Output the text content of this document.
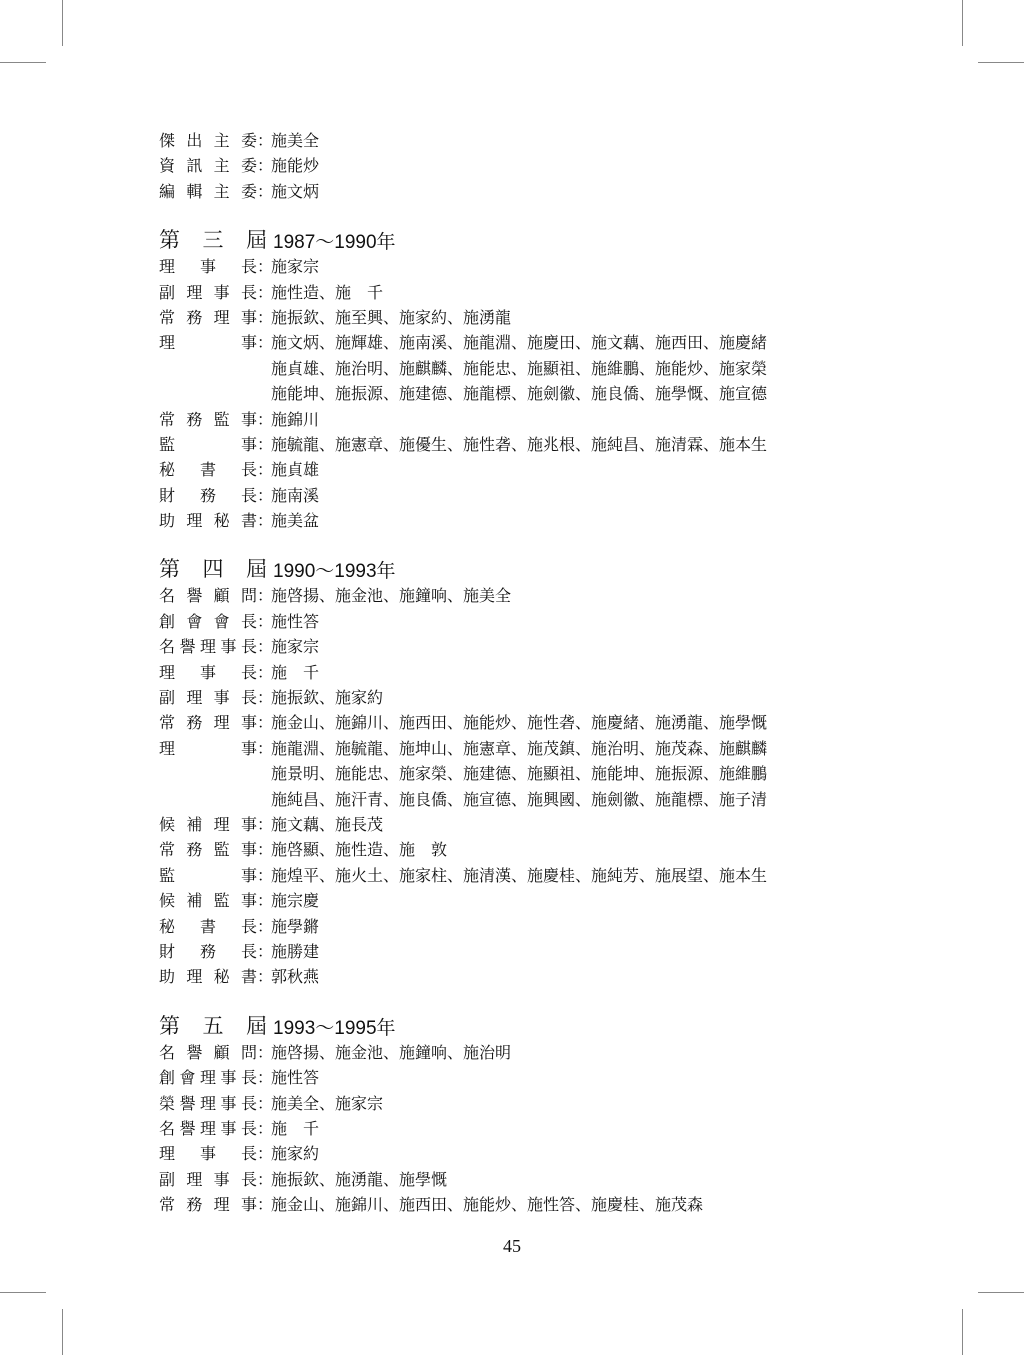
傑 出 主 委 ：
施美全
資 訊 主 委 ：
施能炒
編 輯 主 委 ：
施文炳
第 三 屆 1987～1990年
理 事 長 ：
施家宗
副 理 事 長 ：
施性造、施　千
常 務 理 事 ：
施振欽、施至興、施家約、施湧龍
理	事 ：
施文炳、施輝雄、施南溪、施龍淵、施慶田、施文藕、施西田、施慶緒
施貞雄、施治明、施麒麟、施能忠、施顯祖、施維鵬、施能炒、施家榮
施能坤、施振源、施建德、施龍標、施劍徽、施良僑、施學慨、施宣德
常 務 監 事 ：
施錦川
監	事 ：
施毓龍、施憲章、施優生、施性砻、施兆根、施純昌、施清霖、施本生
秘 書 長 ：
施貞雄
財 務 長 ：
施南溪
助 理 秘 書 ：
施美盆
第 四 屆 1990～1993年
名 譽 顧 問 ：
施啓揚、施金池、施鐘响、施美全
創 會 會 長 ：
施性答
名 譽 理 事 長 ：
施家宗
理 事 長 ：
施　千
副 理 事 長 ：
施振欽、施家約
常 務 理 事 ：
施金山、施錦川、施西田、施能炒、施性砻、施慶緒、施湧龍、施學慨
理	事 ：
施龍淵、施毓龍、施坤山、施憲章、施茂鎮、施治明、施茂森、施麒麟
施景明、施能忠、施家榮、施建德、施顯祖、施能坤、施振源、施維鵬
施純昌、施汗青、施良僑、施宣德、施興國、施劍徽、施龍標、施子清
候 補 理 事 ：
施文藕、施長茂
常 務 監 事 ：
施啓顯、施性造、施　敦
監	事 ：
施煌平、施火土、施家柱、施清漢、施慶桂、施純芳、施展望、施本生
候 補 監 事 ：
施宗慶
秘 書 長 ：
施學鏘
財 務 長 ：
施勝建
助 理 秘 書 ：
郭秋燕
第 五 屆 1993～1995年
名 譽 顧 問 ：
施啓揚、施金池、施鐘响、施治明
創 會 理 事 長 ：
施性答
榮 譽 理 事 長 ：
施美全、施家宗
名 譽 理 事 長 ：
施　千
理 事 長 ：
施家約
副 理 事 長 ：
施振欽、施湧龍、施學慨
常 務 理 事 ：
施金山、施錦川、施西田、施能炒、施性答、施慶桂、施茂森
45
